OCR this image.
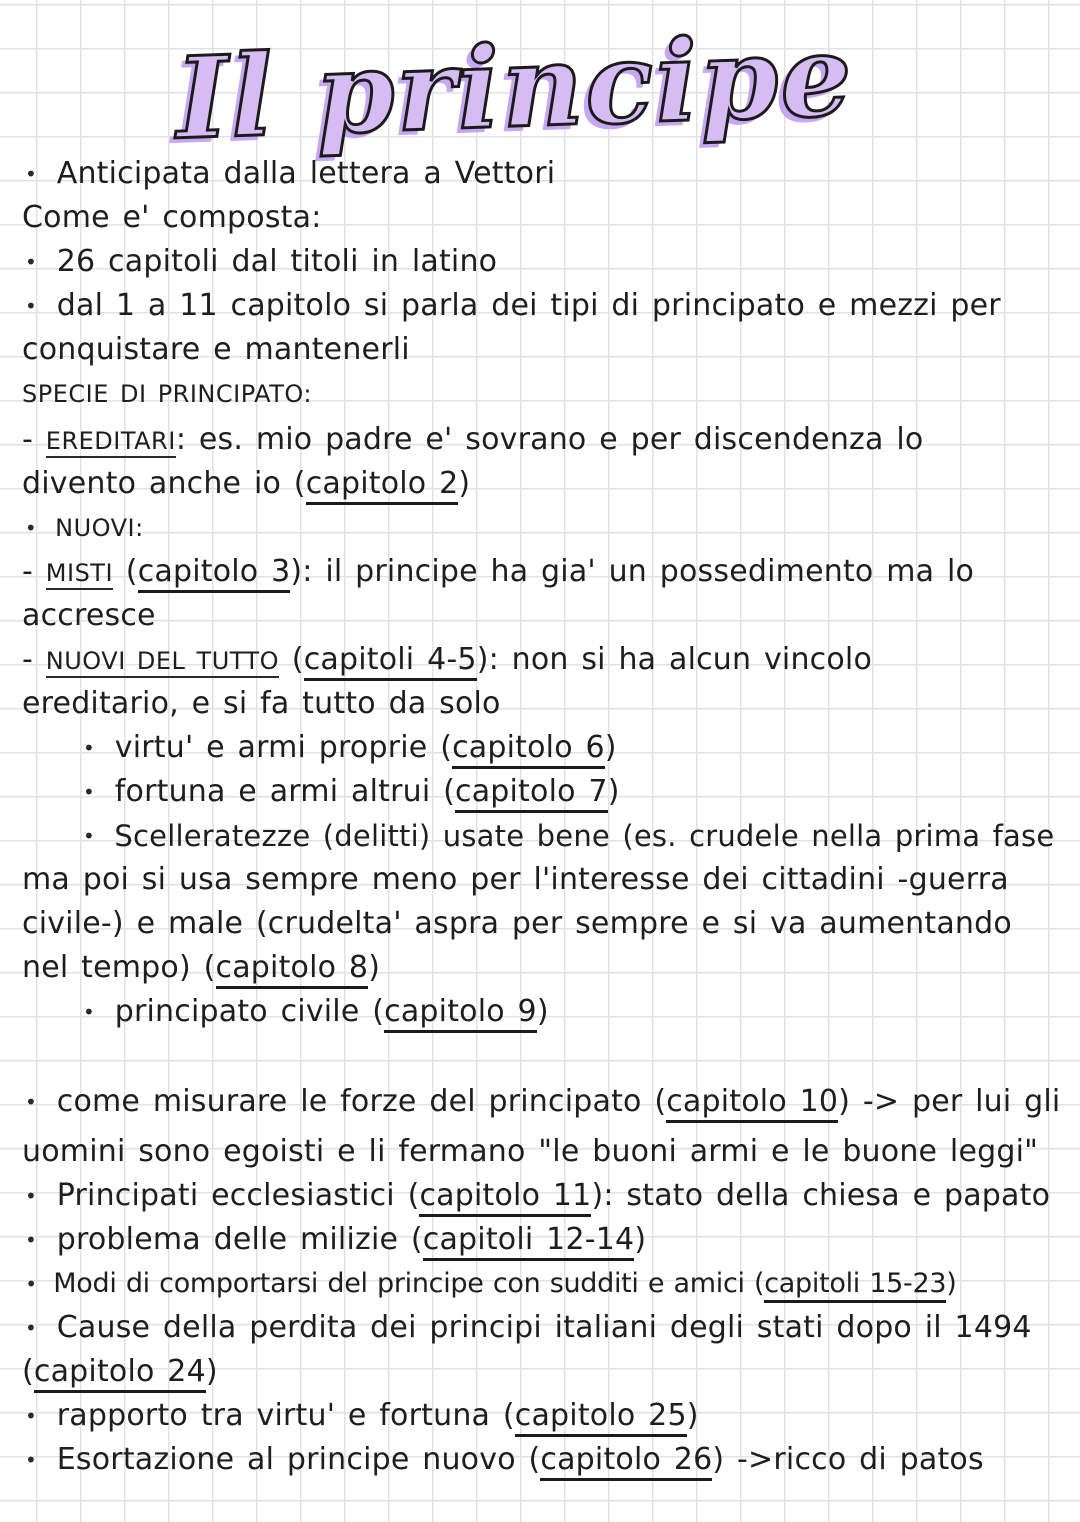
Il principe
• Anticipata dalla lettera a Vettori
Come e' composta:
• 26 capitoli dal titoli in latino
• dal 1 a 11 capitolo si parla dei tipi di principato e mezzi per
conquistare e mantenerli
SPECIE DI PRINCIPATO:
- EREDITARI: es. mio padre e' sovrano e per discendenza lo
divento anche io (capitolo 2)
• NUOVI:
- MISTI (capitolo 3): il principe ha gia' un possedimento ma lo
accresce
- NUOVI DEL TUTTO (capitoli 4-5): non si ha alcun vincolo
ereditario, e si fa tutto da solo
• virtu' e armi proprie (capitolo 6)
• fortuna e armi altrui (capitolo 7)
• Scelleratezze (delitti) usate bene (es. crudele nella prima fase
ma poi si usa sempre meno per l'interesse dei cittadini -guerra
civile-) e male (crudelta' aspra per sempre e si va aumentando
nel tempo) (capitolo 8)
• principato civile (capitolo 9)
• come misurare le forze del principato (capitolo 10) -> per lui gli
uomini sono egoisti e li fermano "le buoni armi e le buone leggi"
• Principati ecclesiastici (capitolo 11): stato della chiesa e papato
• problema delle milizie (capitoli 12-14)
• Modi di comportarsi del principe con sudditi e amici (capitoli 15-23)
• Cause della perdita dei principi italiani degli stati dopo il 1494
(capitolo 24)
• rapporto tra virtu' e fortuna (capitolo 25)
• Esortazione al principe nuovo (capitolo 26) ->ricco di patos
